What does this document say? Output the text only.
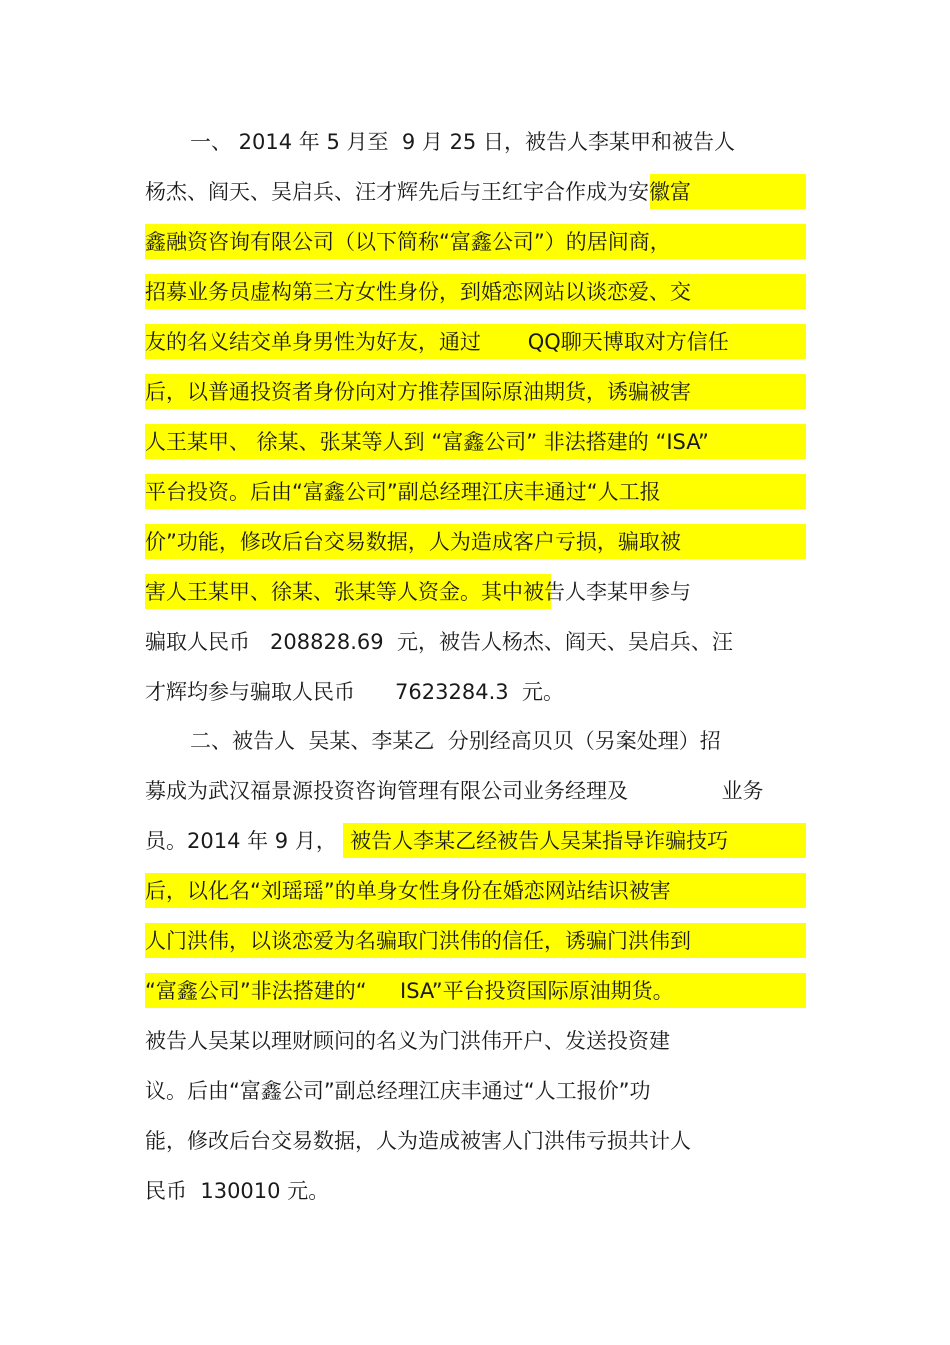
一、 2014 年 5 月至  9 月 25 日，被告人李某甲和被告人
杨杰、阎天、吴启兵、汪才辉先后与王红宇合作成为安徽富
鑫融资咨询有限公司（以下简称“富鑫公司”）的居间商，
招募业务员虚构第三方女性身份，到婚恋网站以谈恋爱、交
友的名义结交单身男性为好友，通过       QQ聊天博取对方信任
后，以普通投资者身份向对方推荐国际原油期货，诱骗被害
人王某甲、 徐某、张某等人到 “富鑫公司” 非法搭建的 “ISA”
平台投资。后由“富鑫公司”副总经理江庆丰通过“人工报
价”功能，修改后台交易数据，人为造成客户亏损，骗取被
害人王某甲、徐某、张某等人资金。其中被告人李某甲参与
骗取人民币   208828.69  元，被告人杨杰、阎天、吴启兵、汪
才辉均参与骗取人民币      7623284.3  元。
二、被告人  吴某、李某乙  分别经高贝贝（另案处理）招
募成为武汉福景源投资咨询管理有限公司业务经理及              业务
员。2014 年 9 月，  被告人李某乙经被告人吴某指导诈骗技巧
后，以化名“刘瑶瑶”的单身女性身份在婚恋网站结识被害
人门洪伟，以谈恋爱为名骗取门洪伟的信任，诱骗门洪伟到
“富鑫公司”非法搭建的“     ISA”平台投资国际原油期货。
被告人吴某以理财顾问的名义为门洪伟开户、发送投资建
议。后由“富鑫公司”副总经理江庆丰通过“人工报价”功
能，修改后台交易数据，人为造成被害人门洪伟亏损共计人
民币  130010 元。
